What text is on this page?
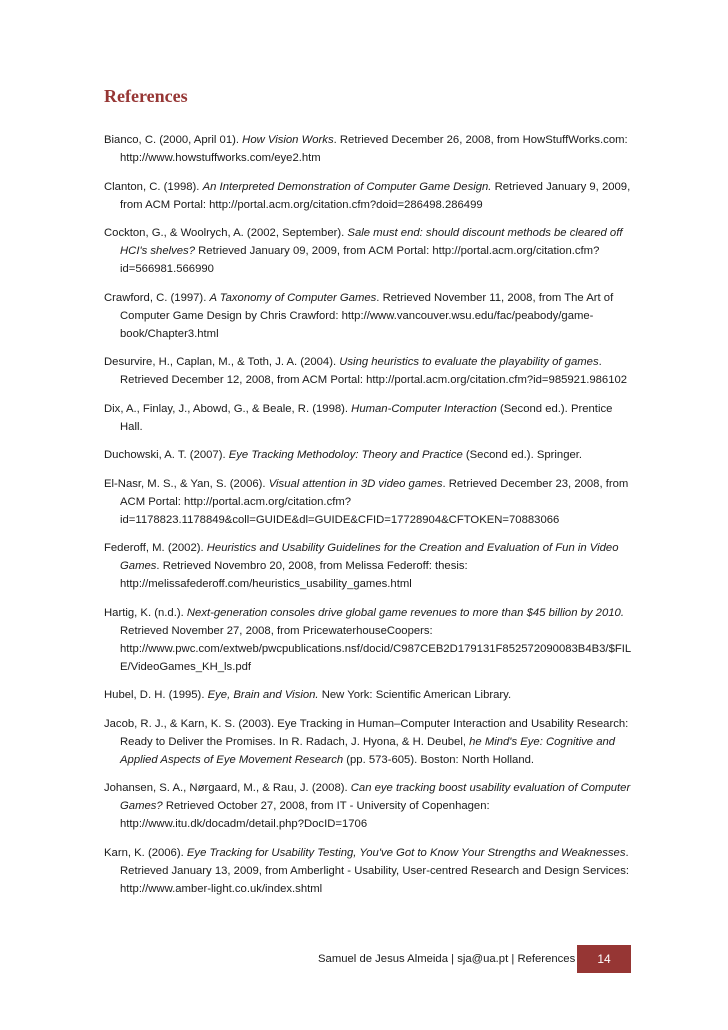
References

Bianco, C. (2000, April 01). How Vision Works. Retrieved December 26, 2008, from HowStuffWorks.com: http://www.howstuffworks.com/eye2.htm

Clanton, C. (1998). An Interpreted Demonstration of Computer Game Design. Retrieved January 9, 2009, from ACM Portal: http://portal.acm.org/citation.cfm?doid=286498.286499

Cockton, G., & Woolrych, A. (2002, September). Sale must end: should discount methods be cleared off HCI's shelves? Retrieved January 09, 2009, from ACM Portal: http://portal.acm.org/citation.cfm?id=566981.566990

Crawford, C. (1997). A Taxonomy of Computer Games. Retrieved November 11, 2008, from The Art of Computer Game Design by Chris Crawford: http://www.vancouver.wsu.edu/fac/peabody/game-book/Chapter3.html

Desurvire, H., Caplan, M., & Toth, J. A. (2004). Using heuristics to evaluate the playability of games. Retrieved December 12, 2008, from ACM Portal: http://portal.acm.org/citation.cfm?id=985921.986102

Dix, A., Finlay, J., Abowd, G., & Beale, R. (1998). Human-Computer Interaction (Second ed.). Prentice Hall.

Duchowski, A. T. (2007). Eye Tracking Methodoloy: Theory and Practice (Second ed.). Springer.

El-Nasr, M. S., & Yan, S. (2006). Visual attention in 3D video games. Retrieved December 23, 2008, from ACM Portal: http://portal.acm.org/citation.cfm?id=1178823.1178849&coll=GUIDE&dl=GUIDE&CFID=17728904&CFTOKEN=70883066

Federoff, M. (2002). Heuristics and Usability Guidelines for the Creation and Evaluation of Fun in Video Games. Retrieved Novembro 20, 2008, from Melissa Federoff: thesis: http://melissafederoff.com/heuristics_usability_games.html

Hartig, K. (n.d.). Next-generation consoles drive global game revenues to more than $45 billion by 2010. Retrieved November 27, 2008, from PricewaterhouseCoopers: http://www.pwc.com/extweb/pwcpublications.nsf/docid/C987CEB2D179131F852572090083B4B3/$FILE/VideoGames_KH_ls.pdf

Hubel, D. H. (1995). Eye, Brain and Vision. New York: Scientific American Library.

Jacob, R. J., & Karn, K. S. (2003). Eye Tracking in Human–Computer Interaction and Usability Research: Ready to Deliver the Promises. In R. Radach, J. Hyona, & H. Deubel, he Mind's Eye: Cognitive and Applied Aspects of Eye Movement Research (pp. 573-605). Boston: North Holland.

Johansen, S. A., Nørgaard, M., & Rau, J. (2008). Can eye tracking boost usability evaluation of Computer Games? Retrieved October 27, 2008, from IT - University of Copenhagen: http://www.itu.dk/docadm/detail.php?DocID=1706

Karn, K. (2006). Eye Tracking for Usability Testing, You've Got to Know Your Strengths and Weaknesses. Retrieved January 13, 2009, from Amberlight - Usability, User-centred Research and Design Services: http://www.amber-light.co.uk/index.shtml

Samuel de Jesus Almeida | sja@ua.pt | References	14
